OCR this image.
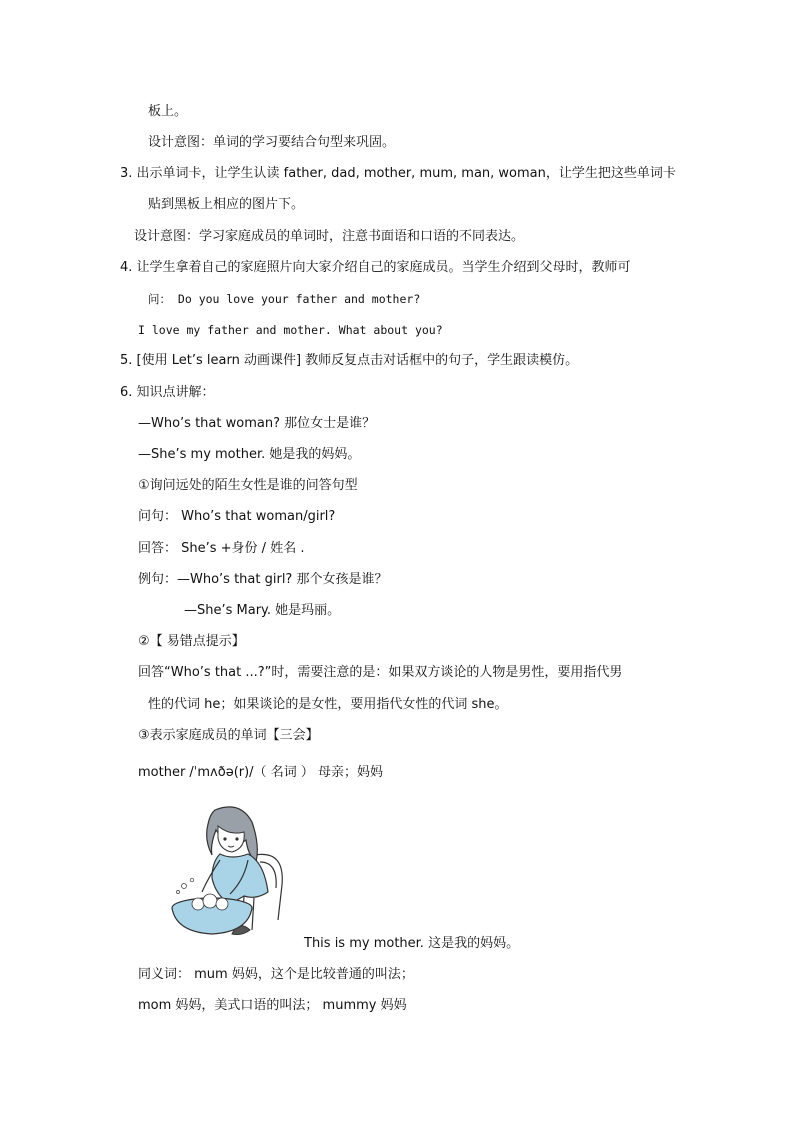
板上。
设计意图：单词的学习要结合句型来巩固。
3. 出示单词卡，让学生认读 father, dad, mother, mum, man, woman，让学生把这些单词卡
贴到黑板上相应的图片下。
设计意图：学习家庭成员的单词时，注意书面语和口语的不同表达。
4. 让学生拿着自己的家庭照片向大家介绍自己的家庭成员。当学生介绍到父母时，教师可
问： Do you love your father and mother?
I love my father and mother. What about you?
5. [使用 Let’s learn 动画课件] 教师反复点击对话框中的句子，学生跟读模仿。
6. 知识点讲解：
—Who’s that woman? 那位女士是谁？
—She’s my mother. 她是我的妈妈。
①询问远处的陌生女性是谁的问答句型
问句： Who’s that woman/girl?
回答： She’s +身份 / 姓名 .
例句：—Who’s that girl? 那个女孩是谁？
—She’s Mary. 她是玛丽。
②【 易错点提示】
回答“Who’s that ...?”时，需要注意的是：如果双方谈论的人物是男性，要用指代男
性的代词 he；如果谈论的是女性，要用指代女性的代词 she。
③表示家庭成员的单词【三会】
mother /ˈmʌðə(r)/（ 名词 ） 母亲；妈妈
This is my mother. 这是我的妈妈。
同义词： mum 妈妈，这个是比较普通的叫法；
mom 妈妈，美式口语的叫法； mummy 妈妈
